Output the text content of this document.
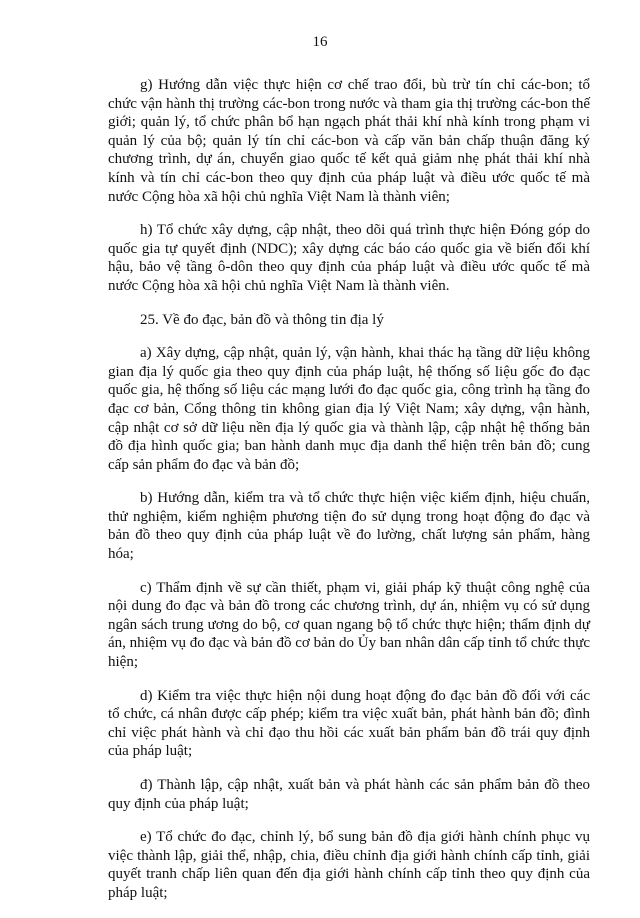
16

g) Hướng dẫn việc thực hiện cơ chế trao đổi, bù trừ tín chỉ các-bon; tổ chức vận hành thị trường các-bon trong nước và tham gia thị trường các-bon thế giới; quản lý, tổ chức phân bổ hạn ngạch phát thải khí nhà kính trong phạm vi quản lý của bộ; quản lý tín chỉ các-bon và cấp văn bản chấp thuận đăng ký chương trình, dự án, chuyển giao quốc tế kết quả giảm nhẹ phát thải khí nhà kính và tín chỉ các-bon theo quy định của pháp luật và điều ước quốc tế mà nước Cộng hòa xã hội chủ nghĩa Việt Nam là thành viên;

h) Tổ chức xây dựng, cập nhật, theo dõi quá trình thực hiện Đóng góp do quốc gia tự quyết định (NDC); xây dựng các báo cáo quốc gia về biến đổi khí hậu, bảo vệ tầng ô-dôn theo quy định của pháp luật và điều ước quốc tế mà nước Cộng hòa xã hội chủ nghĩa Việt Nam là thành viên.

25. Về đo đạc, bản đồ và thông tin địa lý

a) Xây dựng, cập nhật, quản lý, vận hành, khai thác hạ tầng dữ liệu không gian địa lý quốc gia theo quy định của pháp luật, hệ thống số liệu gốc đo đạc quốc gia, hệ thống số liệu các mạng lưới đo đạc quốc gia, công trình hạ tầng đo đạc cơ bản, Cổng thông tin không gian địa lý Việt Nam; xây dựng, vận hành, cập nhật cơ sở dữ liệu nền địa lý quốc gia và thành lập, cập nhật hệ thống bản đồ địa hình quốc gia; ban hành danh mục địa danh thể hiện trên bản đồ; cung cấp sản phẩm đo đạc và bản đồ;

b) Hướng dẫn, kiểm tra và tổ chức thực hiện việc kiểm định, hiệu chuẩn, thử nghiệm, kiểm nghiệm phương tiện đo sử dụng trong hoạt động đo đạc và bản đồ theo quy định của pháp luật về đo lường, chất lượng sản phẩm, hàng hóa;

c) Thẩm định về sự cần thiết, phạm vi, giải pháp kỹ thuật công nghệ của nội dung đo đạc và bản đồ trong các chương trình, dự án, nhiệm vụ có sử dụng ngân sách trung ương do bộ, cơ quan ngang bộ tổ chức thực hiện; thẩm định dự án, nhiệm vụ đo đạc và bản đồ cơ bản do Ủy ban nhân dân cấp tỉnh tổ chức thực hiện;

d) Kiểm tra việc thực hiện nội dung hoạt động đo đạc bản đồ đối với các tổ chức, cá nhân được cấp phép; kiểm tra việc xuất bản, phát hành bản đồ; đình chỉ việc phát hành và chỉ đạo thu hồi các xuất bản phẩm bản đồ trái quy định của pháp luật;

đ) Thành lập, cập nhật, xuất bản và phát hành các sản phẩm bản đồ theo quy định của pháp luật;

e) Tổ chức đo đạc, chỉnh lý, bổ sung bản đồ địa giới hành chính phục vụ việc thành lập, giải thể, nhập, chia, điều chỉnh địa giới hành chính cấp tỉnh, giải quyết tranh chấp liên quan đến địa giới hành chính cấp tỉnh theo quy định của pháp luật;
